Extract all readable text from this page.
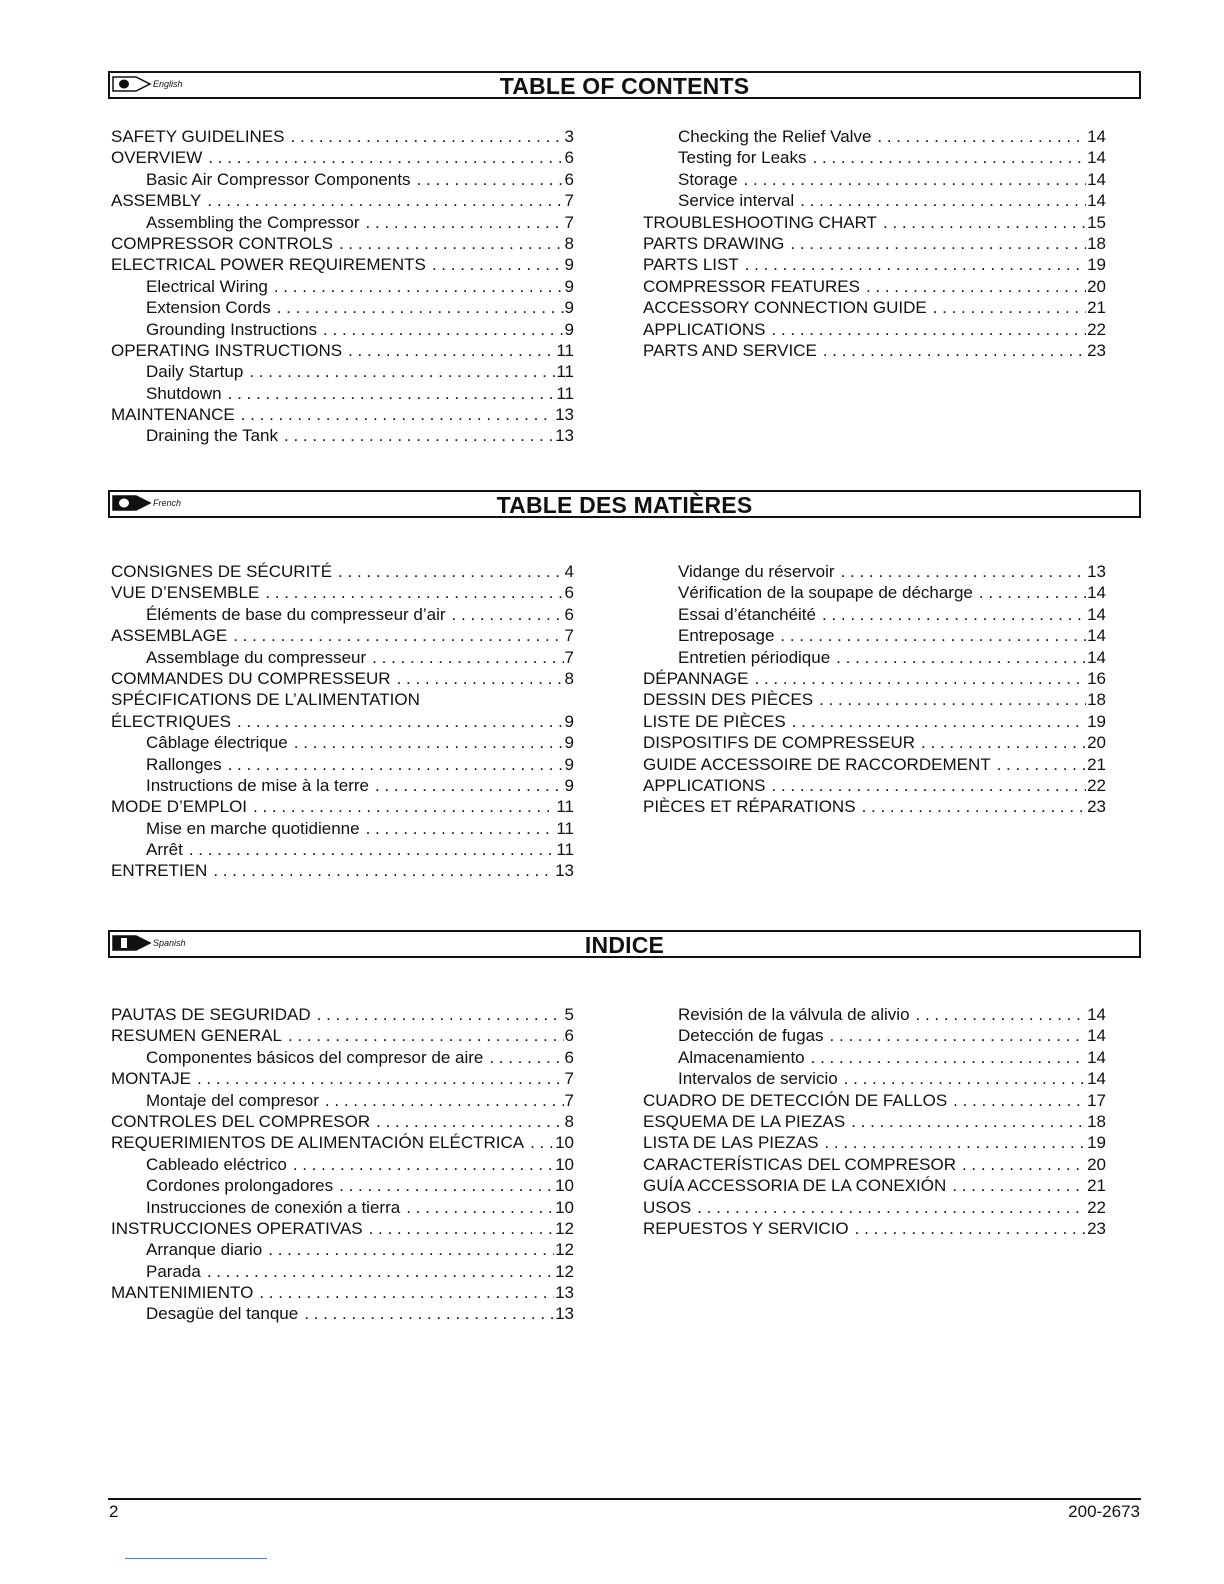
English	TABLE OF CONTENTS
SAFETY GUIDELINES . . .	3
OVERVIEW . . .	6
Basic Air Compressor Components . . .	6
ASSEMBLY . . .	7
Assembling the Compressor . . .	7
COMPRESSOR CONTROLS . . .	8
ELECTRICAL POWER REQUIREMENTS . . .	9
Electrical Wiring . . .	9
Extension Cords . . .	9
Grounding Instructions . . .	9
OPERATING INSTRUCTIONS . . .	11
Daily Startup . . .	11
Shutdown . . .	11
MAINTENANCE . . .	13
Draining the Tank . . .	13
Checking the Relief Valve . . .	14
Testing for Leaks . . .	14
Storage . . .	14
Service interval . . .	14
TROUBLESHOOTING CHART . . .	15
PARTS DRAWING . . .	18
PARTS LIST . . .	19
COMPRESSOR FEATURES . . .	20
ACCESSORY CONNECTION GUIDE . . .	21
APPLICATIONS . . .	22
PARTS AND SERVICE . . .	23
French	TABLE DES MATIÈRES
CONSIGNES DE SÉCURITÉ . . .	4
VUE D’ENSEMBLE . . .	6
Éléments de base du compresseur d’air . . .	6
ASSEMBLAGE . . .	7
Assemblage du compresseur . . .	7
COMMANDES DU COMPRESSEUR . . .	8
SPÉCIFICATIONS DE L’ALIMENTATION
ÉLECTRIQUES . . .	9
Câblage électrique . . .	9
Rallonges . . .	9
Instructions de mise à la terre . . .	9
MODE D’EMPLOI . . .	11
Mise en marche quotidienne . . .	11
Arrêt . . .	11
ENTRETIEN . . .	13
Vidange du réservoir . . .	13
Vérification de la soupape de décharge . . .	14
Essai d’étanchéité . . .	14
Entreposage . . .	14
Entretien périodique . . .	14
DÉPANNAGE . . .	16
DESSIN DES PIÈCES . . .	18
LISTE DE PIÈCES . . .	19
DISPOSITIFS DE COMPRESSEUR . . .	20
GUIDE ACCESSOIRE DE RACCORDEMENT . . .	21
APPLICATIONS . . .	22
PIÈCES ET RÉPARATIONS . . .	23
Spanish	INDICE
PAUTAS DE SEGURIDAD . . .	5
RESUMEN GENERAL . . .	6
Componentes básicos del compresor de aire . . .	6
MONTAJE . . .	7
Montaje del compresor . . .	7
CONTROLES DEL COMPRESOR . . .	8
REQUERIMIENTOS DE ALIMENTACIÓN ELÉCTRICA . . . 10
Cableado eléctrico . . .	10
Cordones prolongadores . . .	10
Instrucciones de conexión a tierra . . .	10
INSTRUCCIONES OPERATIVAS . . .	12
Arranque diario . . .	12
Parada . . .	12
MANTENIMIENTO . . .	13
Desagüe del tanque . . .	13
Revisión de la válvula de alivio . . .	14
Detección de fugas . . .	14
Almacenamiento . . .	14
Intervalos de servicio . . .	14
CUADRO DE DETECCIÓN DE FALLOS . . .	17
ESQUEMA DE LA PIEZAS . . .	18
LISTA DE LAS PIEZAS . . .	19
CARACTERÍSTICAS DEL COMPRESOR . . .	20
GUÍA ACCESSORIA DE LA CONEXIÓN . . .	21
USOS . . .	22
REPUESTOS Y SERVICIO . . .	23
2	200-2673
